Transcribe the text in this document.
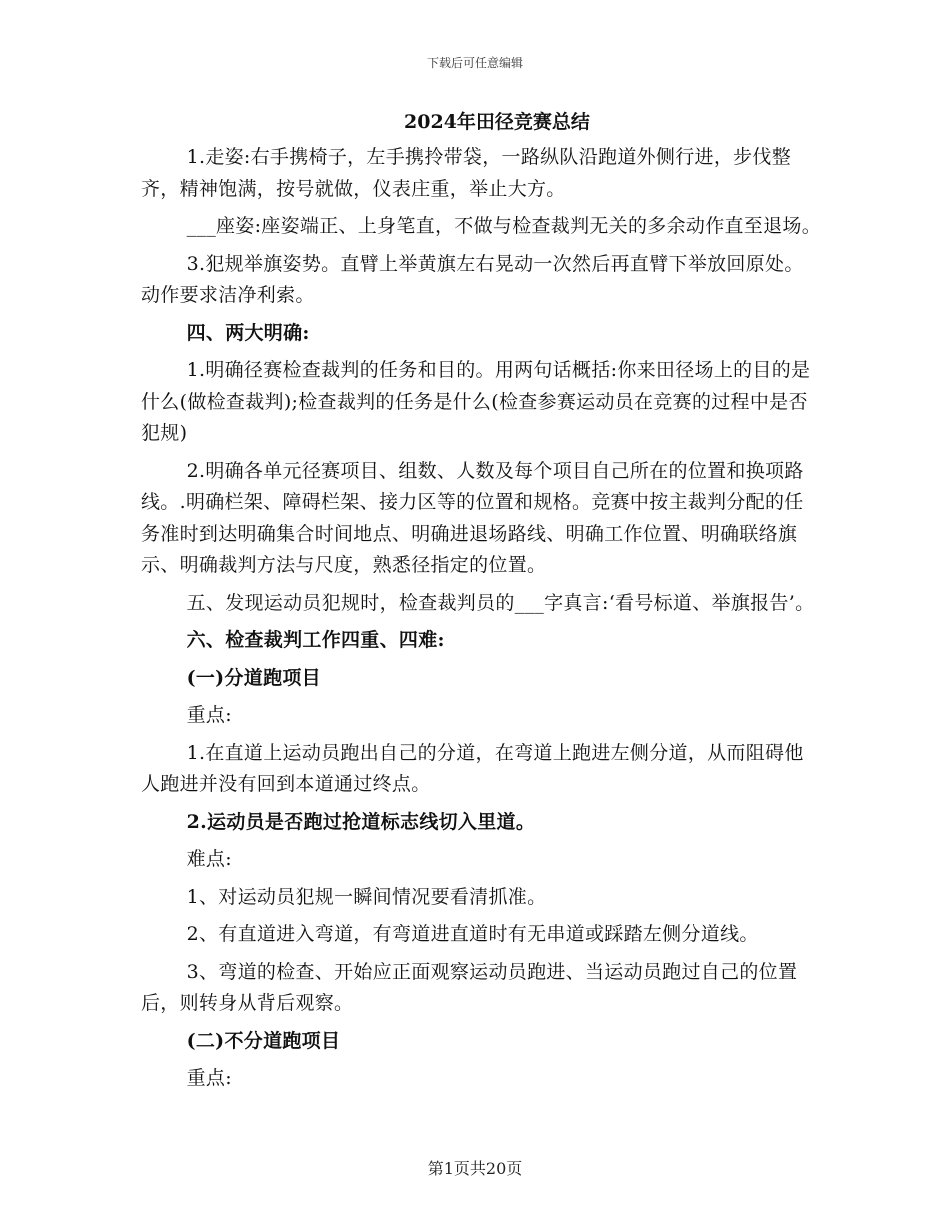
下载后可任意编辑
2024年田径竞赛总结
1.走姿:右手携椅子，左手携拎带袋，一路纵队沿跑道外侧行进，步伐整齐，精神饱满，按号就做，仪表庄重，举止大方。
___座姿:座姿端正、上身笔直，不做与检查裁判无关的多余动作直至退场。
3.犯规举旗姿势。直臂上举黄旗左右晃动一次然后再直臂下举放回原处。动作要求洁净利索。
四、两大明确:
1.明确径赛检查裁判的任务和目的。用两句话概括:你来田径场上的目的是什么(做检查裁判);检查裁判的任务是什么(检查参赛运动员在竞赛的过程中是否犯规)
2.明确各单元径赛项目、组数、人数及每个项目自己所在的位置和换项路线。.明确栏架、障碍栏架、接力区等的位置和规格。竞赛中按主裁判分配的任务准时到达明确集合时间地点、明确进退场路线、明确工作位置、明确联络旗示、明确裁判方法与尺度，熟悉径指定的位置。
五、发现运动员犯规时，检查裁判员的___字真言:‘看号标道、举旗报告’。
六、检查裁判工作四重、四难:
(一)分道跑项目
重点:
1.在直道上运动员跑出自己的分道，在弯道上跑进左侧分道，从而阻碍他人跑进并没有回到本道通过终点。
2.运动员是否跑过抢道标志线切入里道。
难点:
1、对运动员犯规一瞬间情况要看清抓准。
2、有直道进入弯道，有弯道进直道时有无串道或踩踏左侧分道线。
3、弯道的检查、开始应正面观察运动员跑进、当运动员跑过自己的位置后，则转身从背后观察。
(二)不分道跑项目
重点:
第1页共20页
